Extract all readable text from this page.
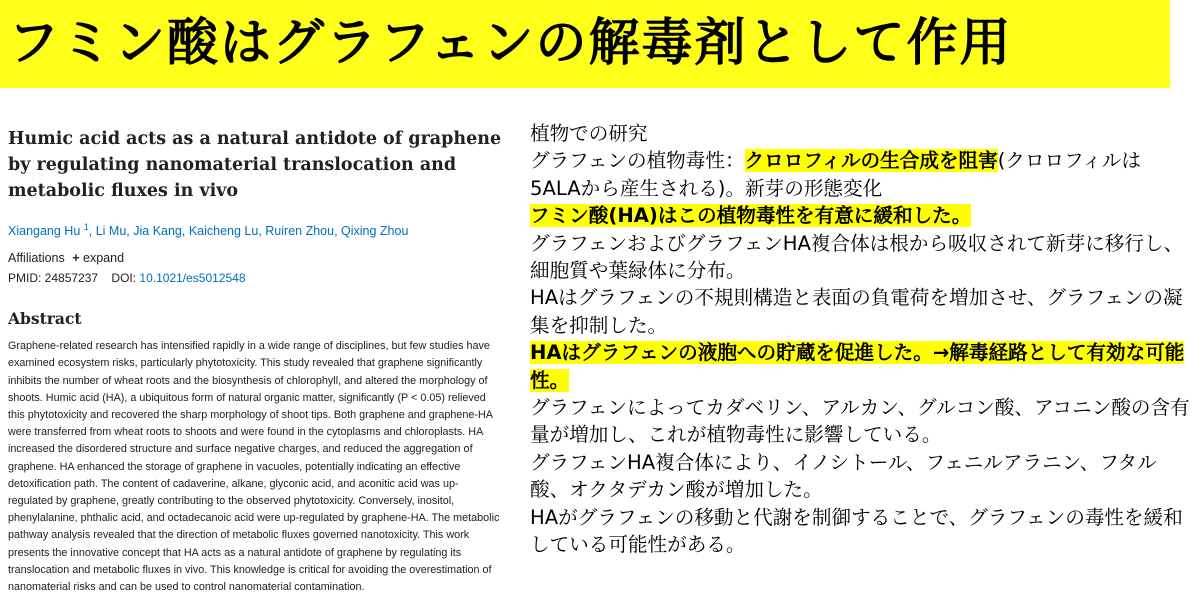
フミン酸はグラフェンの解毒剤として作用
Humic acid acts as a natural antidote of graphene by regulating nanomaterial translocation and metabolic fluxes in vivo
Xiangang Hu $^1$, Li Mu, Jia Kang, Kaicheng Lu, Ruiren Zhou, Qixing Zhou
Affiliations + expand
PMID: 24857237 DOI: 10.1021/es5012548
Abstract
Graphene-related research has intensified rapidly in a wide range of disciplines, but few studies have examined ecosystem risks, particularly phytotoxicity. This study revealed that graphene significantly inhibits the number of wheat roots and the biosynthesis of chlorophyll, and altered the morphology of shoots. Humic acid (HA), a ubiquitous form of natural organic matter, significantly (P < 0.05) relieved this phytotoxicity and recovered the sharp morphology of shoot tips. Both graphene and graphene-HA were transferred from wheat roots to shoots and were found in the cytoplasms and chloroplasts. HA increased the disordered structure and surface negative charges, and reduced the aggregation of graphene. HA enhanced the storage of graphene in vacuoles, potentially indicating an effective detoxification path. The content of cadaverine, alkane, glyconic acid, and aconitic acid was up-regulated by graphene, greatly contributing to the observed phytotoxicity. Conversely, inositol, phenylalanine, phthalic acid, and octadecanoic acid were up-regulated by graphene-HA. The metabolic pathway analysis revealed that the direction of metabolic fluxes governed nanotoxicity. This work presents the innovative concept that HA acts as a natural antidote of graphene by regulating its translocation and metabolic fluxes in vivo. This knowledge is critical for avoiding the overestimation of nanomaterial risks and can be used to control nanomaterial contamination.

植物での研究

グラフェンの植物毒性：クロロフィルの生合成を阻害(クロロフィルは5ALAから産生される)。新芽の形態変化

フミン酸(HA)はこの植物毒性を有意に緩和した。

グラフェンおよびグラフェンHA複合体は根から吸収されて新芽に移行し、細胞質や葉緑体に分布。

HAはグラフェンの不規則構造と表面の負電荷を増加させ、グラフェンの凝集を抑制した。

HAはグラフェンの液胞への貯蔵を促進した。→解毒経路として有効な可能性。

グラフェンによってカダベリン、アルカン、グルコン酸、アコニン酸の含有量が増加し、これが植物毒性に影響している。

グラフェンHA複合体により、イノシトール、フェニルアラニン、フタル酸、オクタデカン酸が増加した。

HAがグラフェンの移動と代謝を制御することで、グラフェンの毒性を緩和している可能性がある。
